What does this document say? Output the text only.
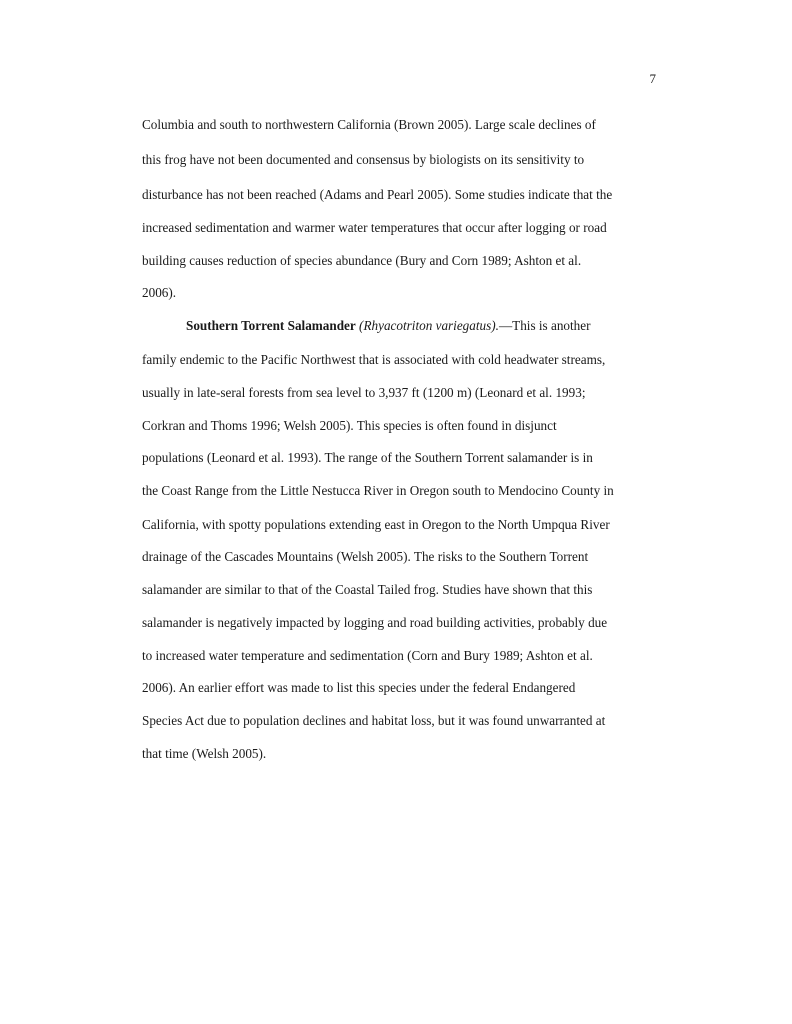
7
Columbia and south to northwestern California (Brown 2005). Large scale declines of
this frog have not been documented and consensus by biologists on its sensitivity to
disturbance has not been reached (Adams and Pearl 2005). Some studies indicate that the
increased sedimentation and warmer water temperatures that occur after logging or road
building causes reduction of species abundance (Bury and Corn 1989; Ashton et al.
2006).
Southern Torrent Salamander (Rhyacotriton variegatus).—This is another
family endemic to the Pacific Northwest that is associated with cold headwater streams,
usually in late-seral forests from sea level to 3,937 ft (1200 m) (Leonard et al. 1993;
Corkran and Thoms 1996; Welsh 2005). This species is often found in disjunct
populations (Leonard et al. 1993). The range of the Southern Torrent salamander is in
the Coast Range from the Little Nestucca River in Oregon south to Mendocino County in
California, with spotty populations extending east in Oregon to the North Umpqua River
drainage of the Cascades Mountains (Welsh 2005). The risks to the Southern Torrent
salamander are similar to that of the Coastal Tailed frog. Studies have shown that this
salamander is negatively impacted by logging and road building activities, probably due
to increased water temperature and sedimentation (Corn and Bury 1989; Ashton et al.
2006). An earlier effort was made to list this species under the federal Endangered
Species Act due to population declines and habitat loss, but it was found unwarranted at
that time (Welsh 2005).
